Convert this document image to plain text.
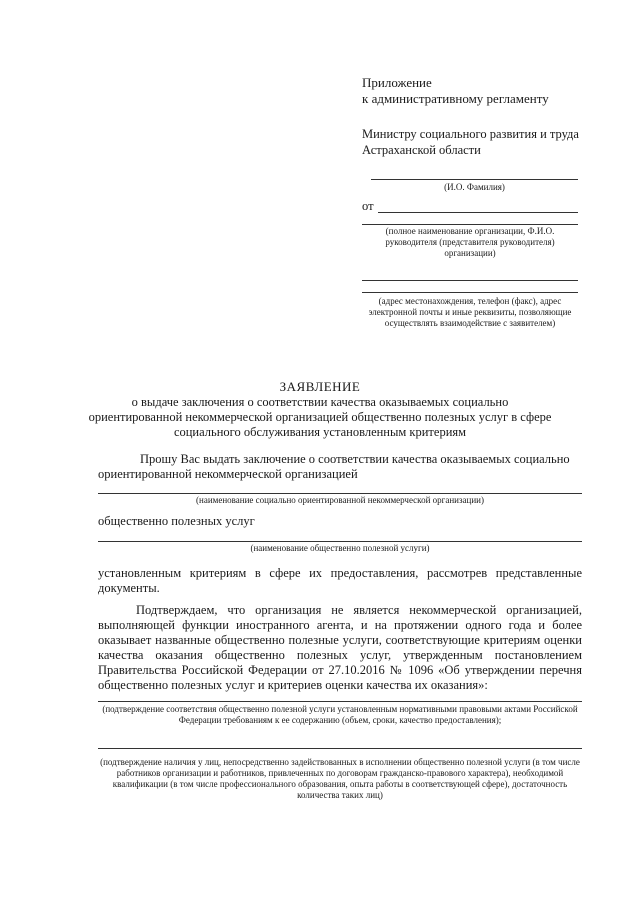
Приложение
к административному регламенту
Министру социального развития и труда
Астраханской области
(И.О. Фамилия)
от
(полное наименование организации, Ф.И.О. руководителя (представителя руководителя) организации)
(адрес местонахождения, телефон (факс), адрес электронной почты и иные реквизиты, позволяющие осуществлять взаимодействие с заявителем)
ЗАЯВЛЕНИЕ
о выдаче заключения о соответствии качества оказываемых социально
ориентированной некоммерческой организацией общественно полезных услуг в сфере
социального обслуживания установленным критериям
Прошу Вас выдать заключение о соответствии качества оказываемых социально
ориентированной некоммерческой организацией
(наименование социально ориентированной некоммерческой организации)
общественно полезных услуг
(наименование общественно полезной услуги)
установленным критериям в сфере их предоставления, рассмотрев представленные документы.
Подтверждаем, что организация не является некоммерческой организацией, выполняющей функции иностранного агента, и на протяжении одного года и более оказывает названные общественно полезные услуги, соответствующие критериям оценки качества оказания общественно полезных услуг, утвержденным постановлением Правительства Российской Федерации от 27.10.2016 № 1096 «Об утверждении перечня общественно полезных услуг и критериев оценки качества их оказания»:
(подтверждение соответствия общественно полезной услуги установленным нормативными правовыми актами Российской Федерации требованиям к ее содержанию (объем, сроки, качество предоставления);
(подтверждение наличия у лиц, непосредственно задействованных в исполнении общественно полезной услуги (в том числе работников организации и работников, привлеченных по договорам гражданско-правового характера), необходимой квалификации (в том числе профессионального образования, опыта работы в соответствующей сфере), достаточность количества таких лиц)
